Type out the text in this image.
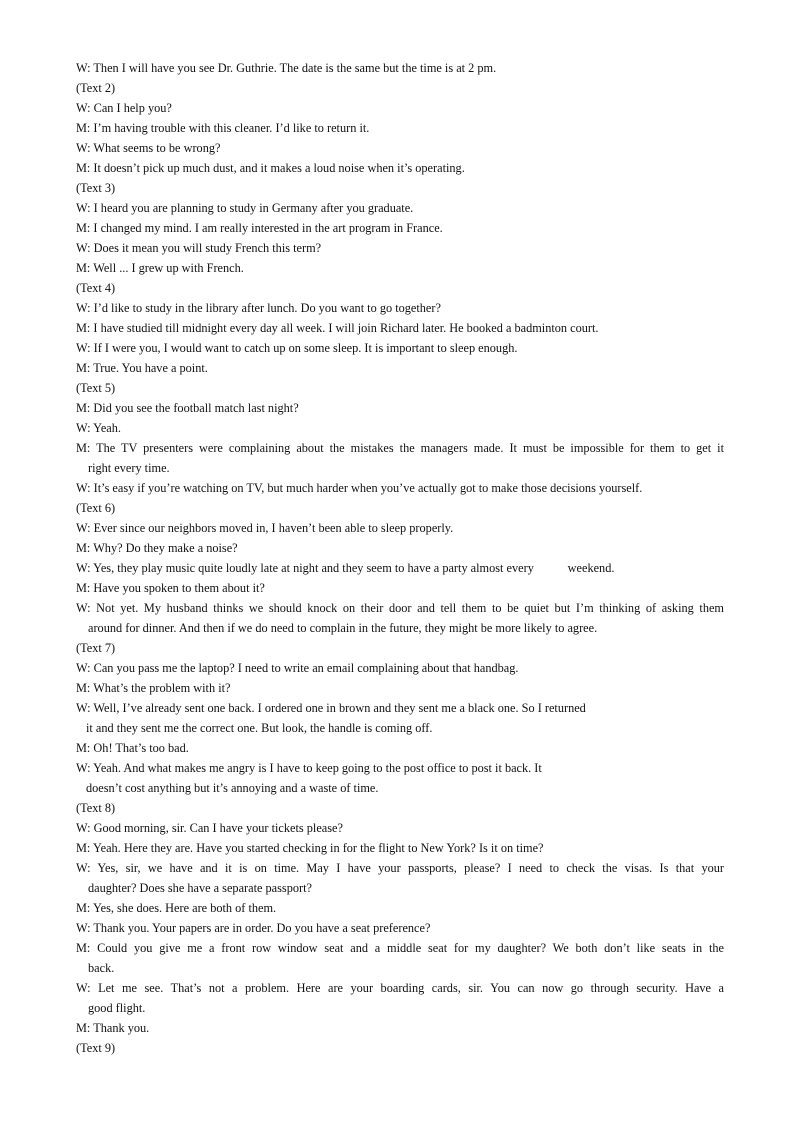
W: Then I will have you see Dr. Guthrie. The date is the same but the time is at 2 pm.
(Text 2)
W: Can I help you?
M: I’m having trouble with this cleaner. I’d like to return it.
W: What seems to be wrong?
M: It doesn’t pick up much dust, and it makes a loud noise when it’s operating.
(Text 3)
W: I heard you are planning to study in Germany after you graduate.
M: I changed my mind. I am really interested in the art program in France.
W: Does it mean you will study French this term?
M: Well ... I grew up with French.
(Text 4)
W: I’d like to study in the library after lunch. Do you want to go together?
M: I have studied till midnight every day all week. I will join Richard later. He booked a badminton court.
W: If I were you, I would want to catch up on some sleep. It is important to sleep enough.
M: True. You have a point.
(Text 5)
M: Did you see the football match last night?
W: Yeah.
M: The TV presenters were complaining about the mistakes the managers made. It must be impossible for them to get it
right every time.
W: It’s easy if you’re watching on TV, but much harder when you’ve actually got to make those decisions yourself.
(Text 6)
W: Ever since our neighbors moved in, I haven’t been able to sleep properly.
M: Why? Do they make a noise?
W: Yes, they play music quite loudly late at night and they seem to have a party almost every           weekend.
M: Have you spoken to them about it?
W: Not yet. My husband thinks we should knock on their door and tell them to be quiet but I’m thinking of asking them
around for dinner. And then if we do need to complain in the future, they might be more likely to agree.
(Text 7)
W: Can you pass me the laptop? I need to write an email complaining about that handbag.
M: What’s the problem with it?
W: Well, I’ve already sent one back. I ordered one in brown and they sent me a black one. So I returned
it and they sent me the correct one. But look, the handle is coming off.
M: Oh! That’s too bad.
W: Yeah. And what makes me angry is I have to keep going to the post office to post it back. It
doesn’t cost anything but it’s annoying and a waste of time.
(Text 8)
W: Good morning, sir. Can I have your tickets please?
M: Yeah. Here they are. Have you started checking in for the flight to New York? Is it on time?
W: Yes, sir, we have and it is on time. May I have your passports, please? I need to check the visas. Is that your
daughter? Does she have a separate passport?
M: Yes, she does. Here are both of them.
W: Thank you. Your papers are in order. Do you have a seat preference?
M: Could you give me a front row window seat and a middle seat for my daughter? We both don’t like seats in the
back.
W: Let me see. That’s not a problem. Here are your boarding cards, sir. You can now go through security. Have a
good flight.
M: Thank you.
(Text 9)
